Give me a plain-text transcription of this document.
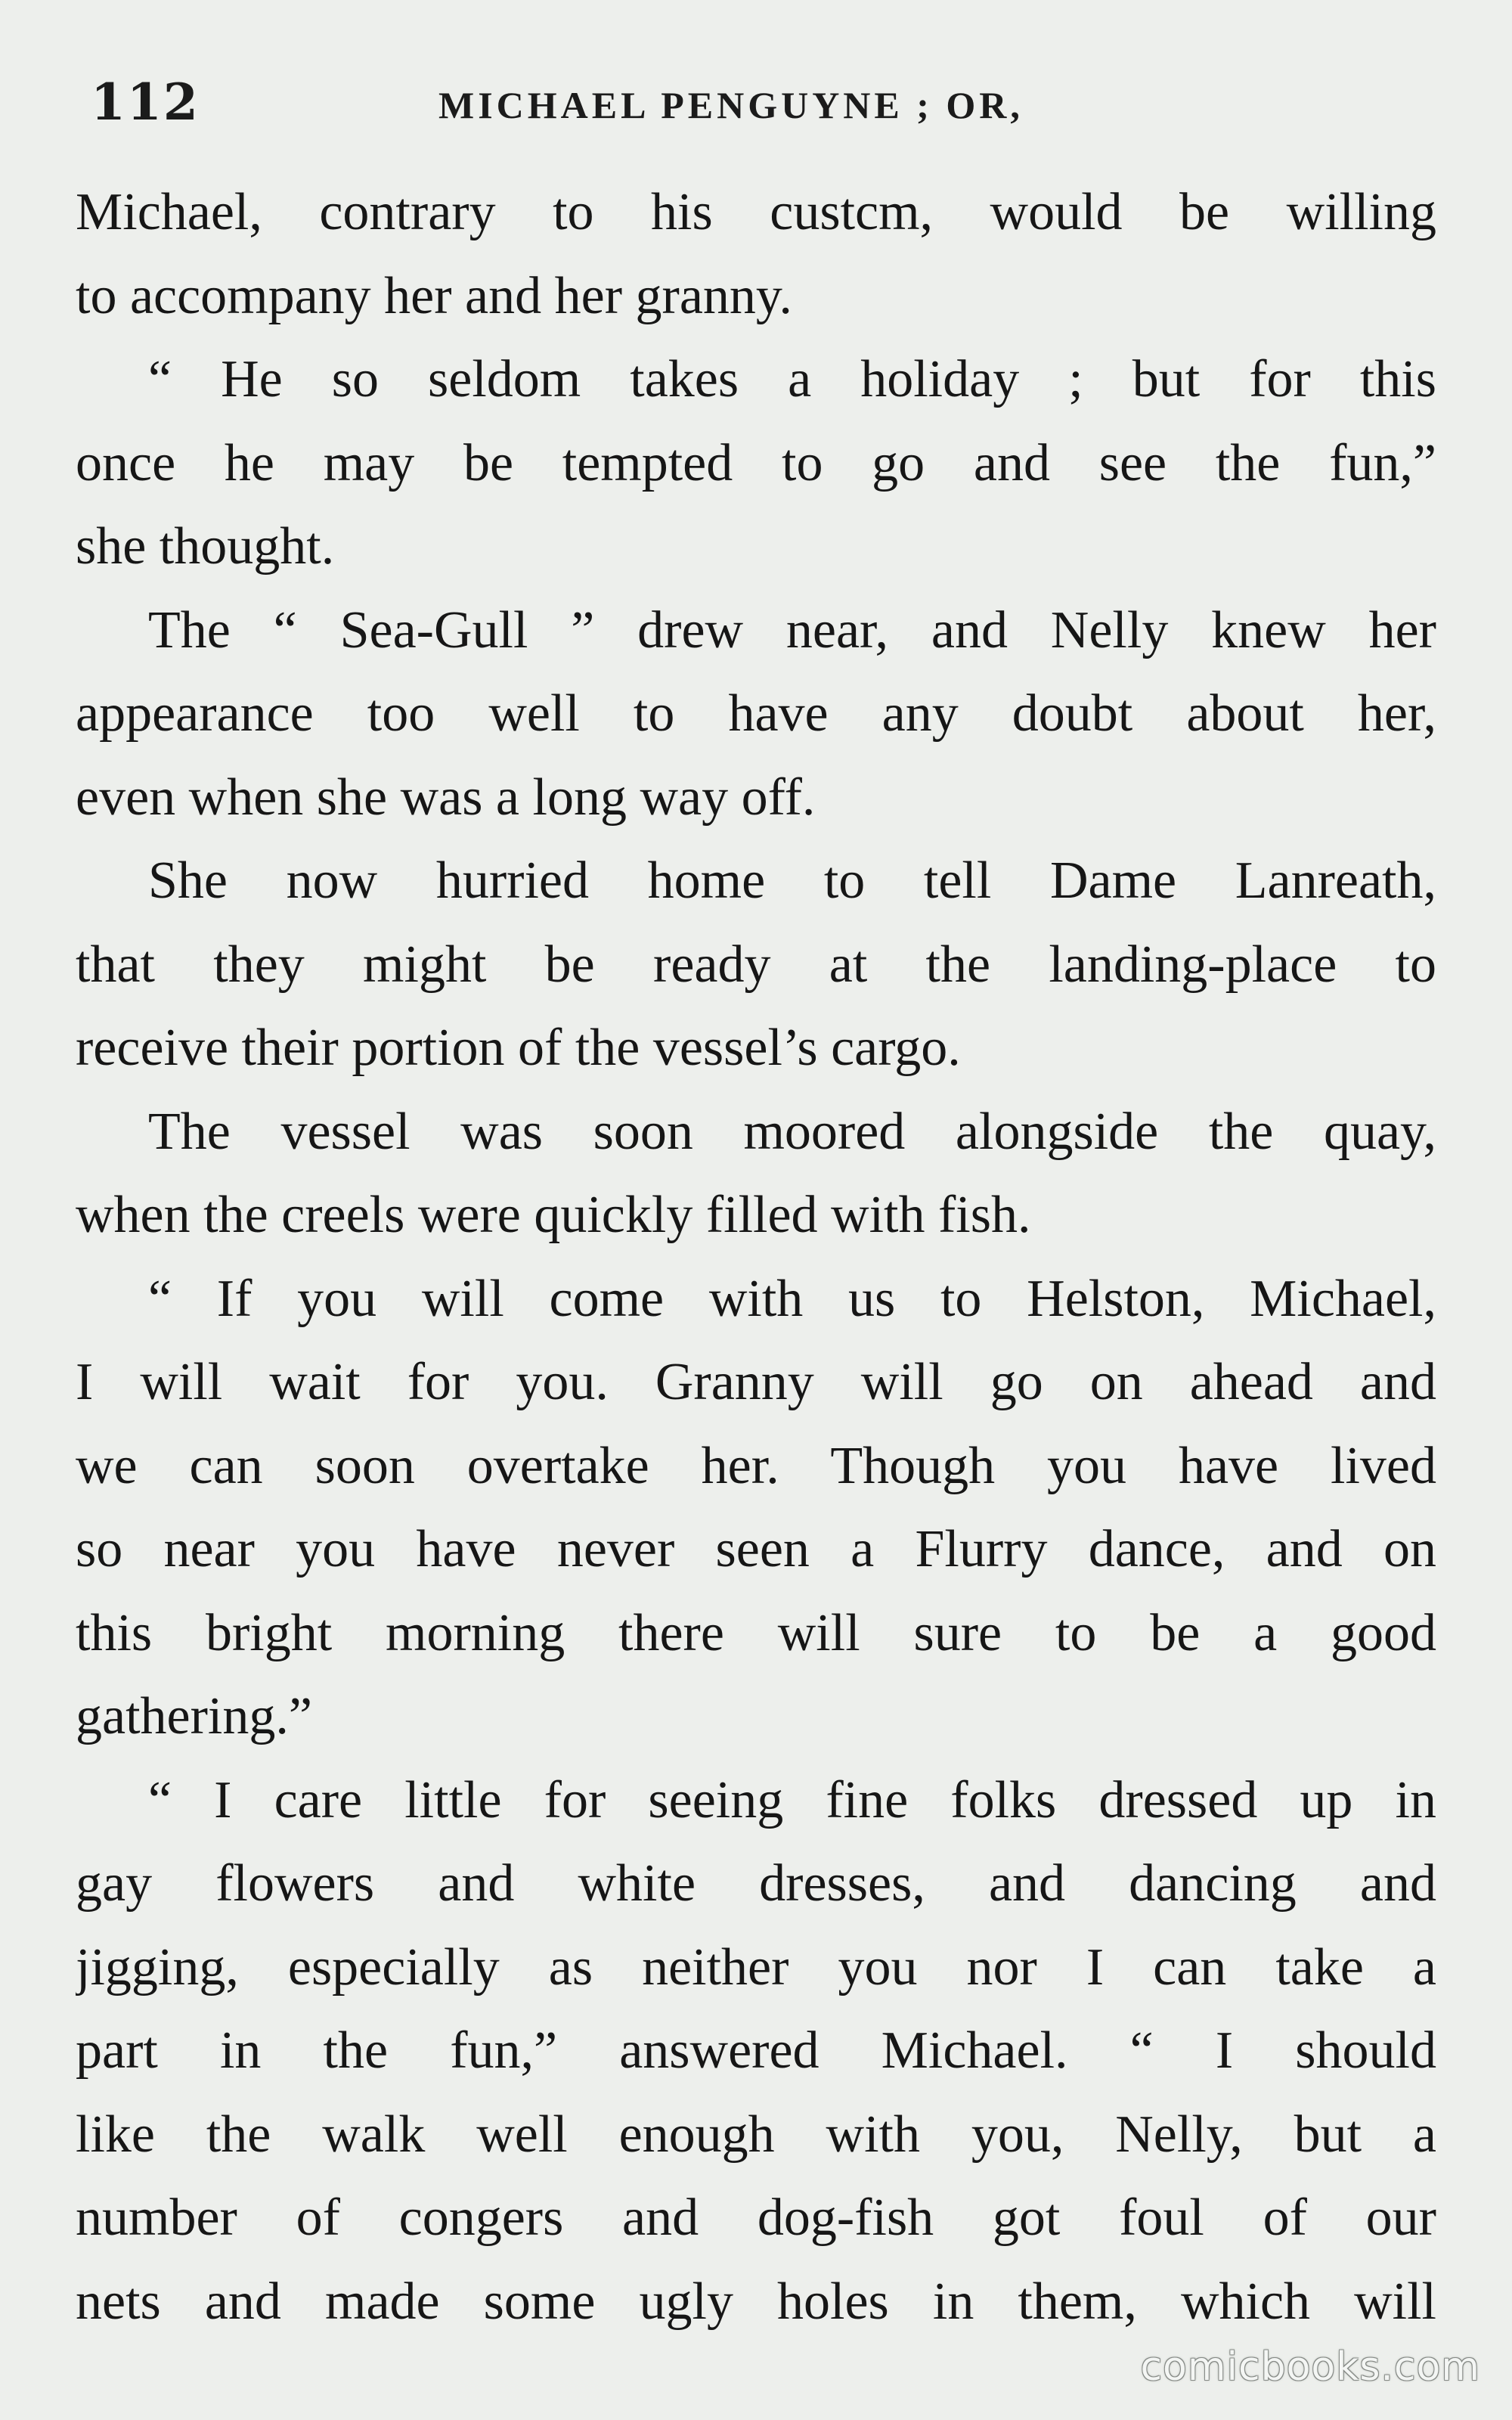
112	MICHAEL PENGUYNE ; OR,
Michael, contrary to his custcm, would be willing
to accompany her and her granny.
“ He so seldom takes a holiday ; but for this
once he may be tempted to go and see the fun,”
she thought.
The “ Sea-Gull ” drew near, and Nelly knew her
appearance too well to have any doubt about her,
even when she was a long way off.
She now hurried home to tell Dame Lanreath,
that they might be ready at the landing-place to
receive their portion of the vessel’s cargo.
The vessel was soon moored alongside the quay,
when the creels were quickly filled with fish.
“ If you will come with us to Helston, Michael,
I will wait for you. Granny will go on ahead and
we can soon overtake her. Though you have lived
so near you have never seen a Flurry dance, and on
this bright morning there will sure to be a good
gathering.”
“ I care little for seeing fine folks dressed up in
gay flowers and white dresses, and dancing and
jigging, especially as neither you nor I can take a
part in the fun,” answered Michael. “ I should
like the walk well enough with you, Nelly, but a
number of congers and dog-fish got foul of our
nets and made some ugly holes in them, which will
comicbooks.com
